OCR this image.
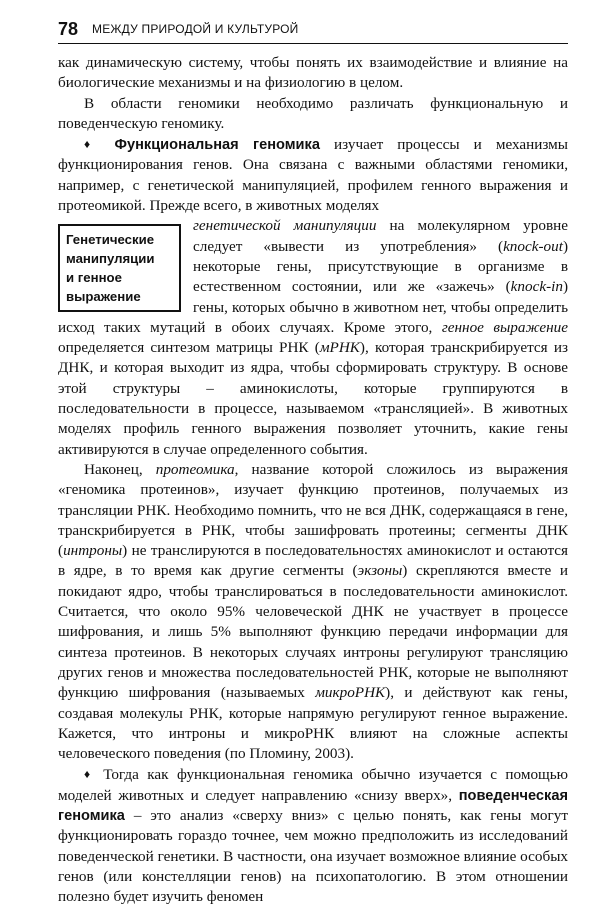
78 МЕЖДУ ПРИРОДОЙ И КУЛЬТУРОЙ

как динамическую систему, чтобы понять их взаимодействие и влияние на биологические механизмы и на физиологию в целом.

В области геномики необходимо различать функциональную и поведенческую геномику.

♦ Функциональная геномика изучает процессы и механизмы функционирования генов. Она связана с важными областями геномики, например, с генетической манипуляцией, профилем генного выражения и протеомикой. Прежде всего, в животных моделях

Генетические
манипуляции
и генное
выражение
генетической манипуляции на молекулярном уровне следует «вывести из употребления» (knock-out) некоторые гены, присутствующие в организме в естественном состоянии, или же «зажечь» (knock-in) гены, которых обычно в животном нет, чтобы определить исход таких мутаций в обоих случаях. Кроме этого, генное выражение определяется синтезом матрицы РНК (мРНК), которая транскрибируется из ДНК, и которая выходит из ядра, чтобы сформировать структуру. В основе этой структуры – аминокислоты, которые группируются в последовательности в процессе, называемом «трансляцией». В животных моделях профиль генного выражения позволяет уточнить, какие гены активируются в случае определенного события.

Наконец, протеомика, название которой сложилось из выражения «геномика протеинов», изучает функцию протеинов, получаемых из трансляции РНК. Необходимо помнить, что не вся ДНК, содержащаяся в гене, транскрибируется в РНК, чтобы зашифровать протеины; сегменты ДНК (интроны) не транслируются в последовательностях аминокислот и остаются в ядре, в то время как другие сегменты (экзоны) скрепляются вместе и покидают ядро, чтобы транслироваться в последовательности аминокислот. Считается, что около 95% человеческой ДНК не участвует в процессе шифрования, и лишь 5% выполняют функцию передачи информации для синтеза протеинов. В некоторых случаях интроны регулируют трансляцию других генов и множества последовательностей РНК, которые не выполняют функцию шифрования (называемых микроРНК), и действуют как гены, создавая молекулы РНК, которые напрямую регулируют генное выражение. Кажется, что интроны и микроРНК влияют на сложные аспекты человеческого поведения (по Пломину, 2003).

♦ Тогда как функциональная геномика обычно изучается с помощью моделей животных и следует направлению «снизу вверх», поведенческая геномика – это анализ «сверху вниз» с целью понять, как гены могут функционировать гораздо точнее, чем можно предположить из исследований поведенческой генетики. В частности, она изучает возможное влияние особых генов (или констелляции генов) на психопатологию. В этом отношении полезно будет изучить феномен
